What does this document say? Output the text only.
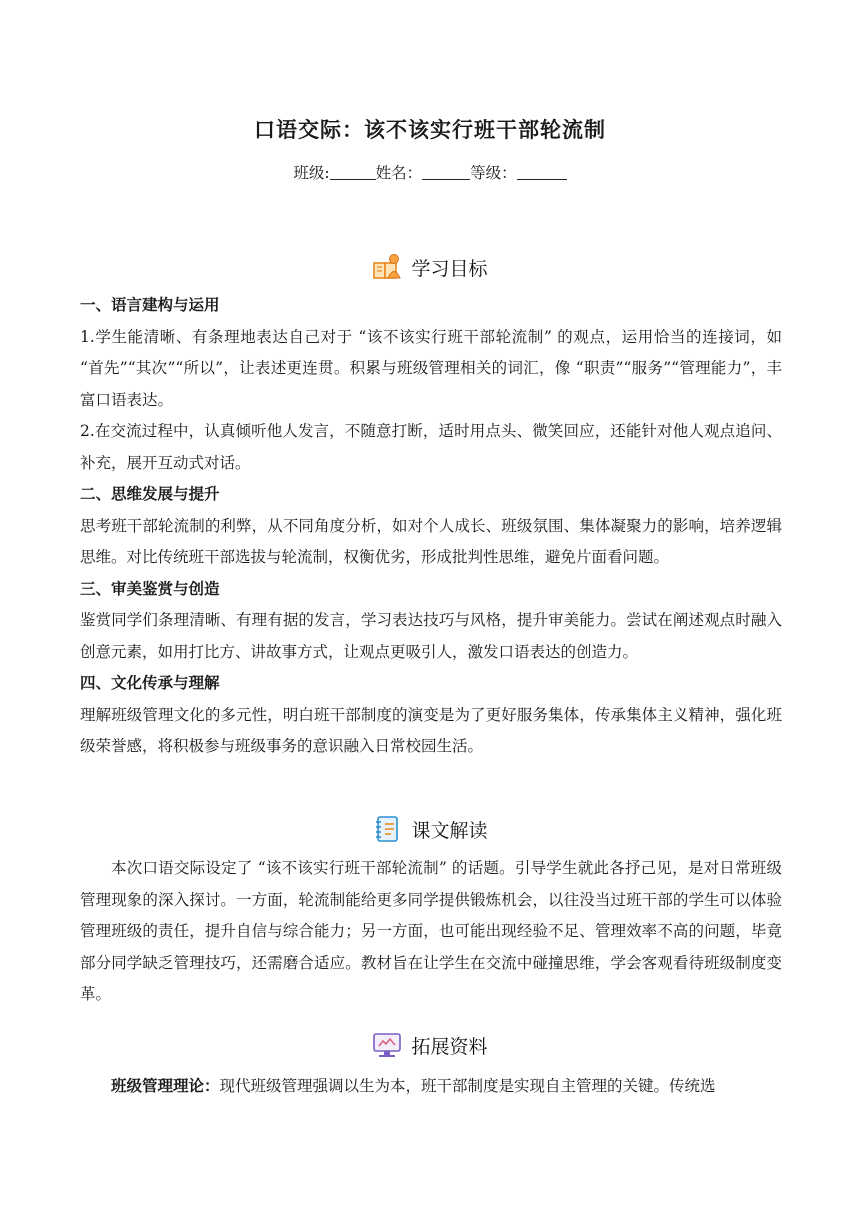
口语交际：该不该实行班干部轮流制
班级:	姓名：	等级：
学习目标

一、语言建构与运用

1.学生能清晰、有条理地表达自己对于 “该不该实行班干部轮流制” 的观点，运用恰当的连接词，如 “首先”“其次”“所以”，让表述更连贯。积累与班级管理相关的词汇，像 “职责”“服务”“管理能力”，丰富口语表达。

2.在交流过程中，认真倾听他人发言，不随意打断，适时用点头、微笑回应，还能针对他人观点追问、补充，展开互动式对话。

二、思维发展与提升

思考班干部轮流制的利弊，从不同角度分析，如对个人成长、班级氛围、集体凝聚力的影响，培养逻辑思维。对比传统班干部选拔与轮流制，权衡优劣，形成批判性思维，避免片面看问题。

三、审美鉴赏与创造

鉴赏同学们条理清晰、有理有据的发言，学习表达技巧与风格，提升审美能力。尝试在阐述观点时融入创意元素，如用打比方、讲故事方式，让观点更吸引人，激发口语表达的创造力。

四、文化传承与理解

理解班级管理文化的多元性，明白班干部制度的演变是为了更好服务集体，传承集体主义精神，强化班级荣誉感，将积极参与班级事务的意识融入日常校园生活。

课文解读

本次口语交际设定了 “该不该实行班干部轮流制” 的话题。引导学生就此各抒己见，是对日常班级管理现象的深入探讨。一方面，轮流制能给更多同学提供锻炼机会，以往没当过班干部的学生可以体验管理班级的责任，提升自信与综合能力；另一方面，也可能出现经验不足、管理效率不高的问题，毕竟部分同学缺乏管理技巧，还需磨合适应。教材旨在让学生在交流中碰撞思维，学会客观看待班级制度变革。

拓展资料

班级管理理论：现代班级管理强调以生为本，班干部制度是实现自主管理的关键。传统选
